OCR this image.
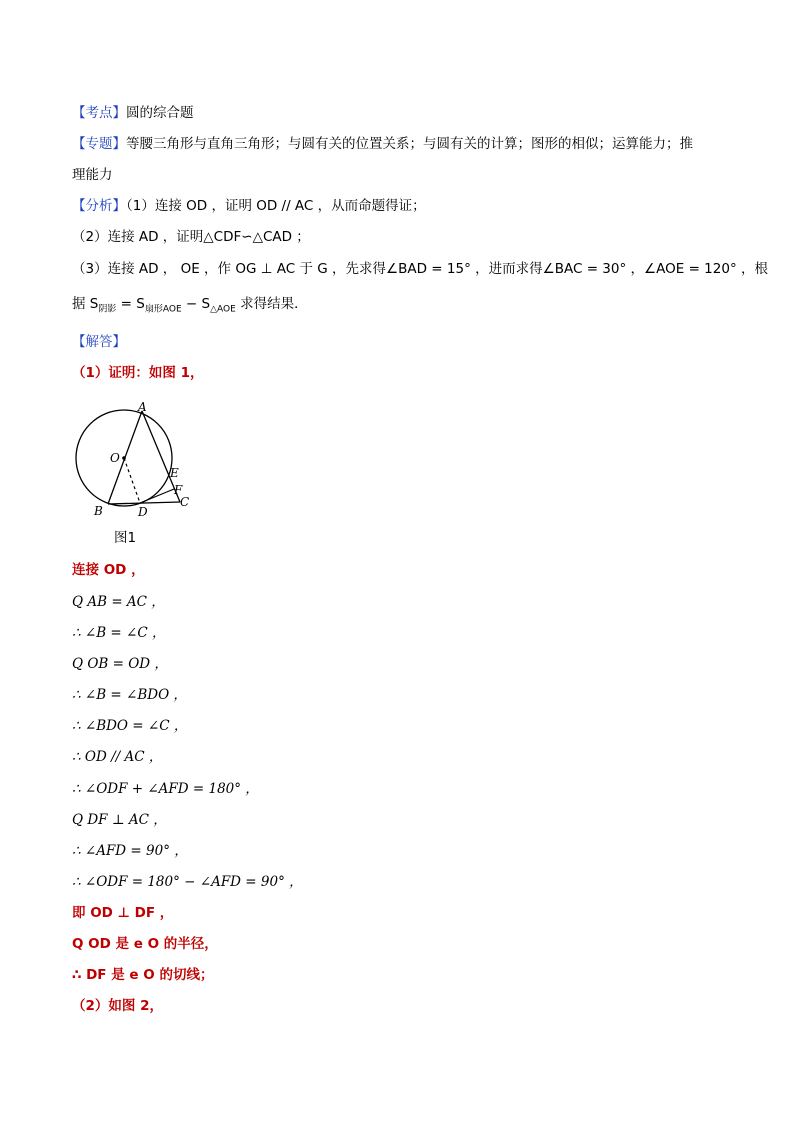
【考点】圆的综合题
【专题】等腰三角形与直角三角形；与圆有关的位置关系；与圆有关的计算；图形的相似；运算能力；推
理能力
【分析】（1）连接 OD ，证明 OD // AC ，从而命题得证；
（2）连接 AD ，证明△CDF∽△CAD ；
（3）连接 AD ， OE ，作 OG ⊥ AC 于 G ，先求得∠BAD = 15° ，进而求得∠BAC = 30° ，∠AOE = 120° ，根
据 $S_{阴影} = S_{扇形AOE} - S_{\triangle AOE}$ 求得结果．
【解答】
（1）证明：如图 1，
A
O
E
F
B	D
C
图1
连接 OD ，
Q AB = AC ，
∴ ∠B = ∠C ，
Q OB = OD ，
∴ ∠B = ∠BDO ，
∴ ∠BDO = ∠C ，
∴ OD // AC ，
∴ ∠ODF + ∠AFD = 180° ，
Q DF ⊥ AC ，
∴ ∠AFD = 90° ，
∴ ∠ODF = 180° − ∠AFD = 90° ，
即 OD ⊥ DF ，
Q OD 是 e O 的半径，
∴ DF 是 e O 的切线；
（2）如图 2，
